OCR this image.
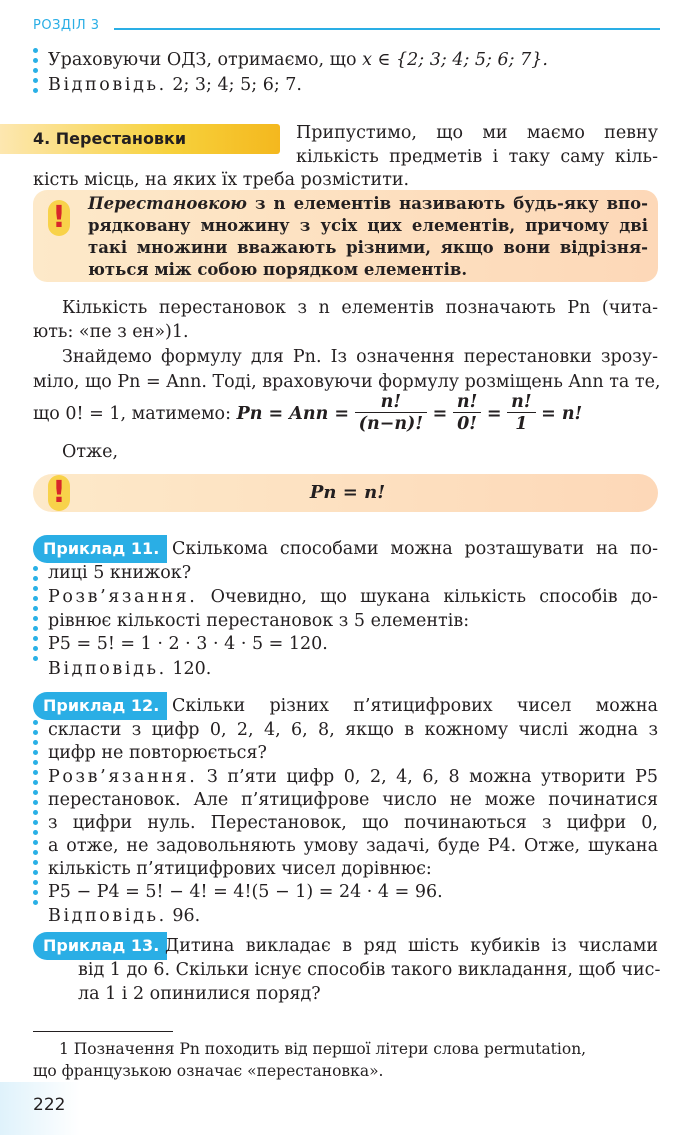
РОЗДІЛ 3
Ураховуючи ОДЗ, отримаємо, що x ∈ {2; 3; 4; 5; 6; 7}.
Відповідь. 2; 3; 4; 5; 6; 7.
4. Перестановки	Припустимо, що ми маємо певну
кількість предметів і таку саму кіль-
кість місць, на яких їх треба розмістити.
! Перестановкою з n елементів називають будь-яку впо-
рядковану множину з усіх цих елементів, причому дві
такі множини вважають різними, якщо вони відрізня-
ються між собою порядком елементів.
Кількість перестановок з n елементів позначають Pn (чита-
ють: «пе з ен»)1.
Знайдемо формулу для Pn. Із означення перестановки зрозу-
міло, що Pn = Ann. Тоді, враховуючи формулу розміщень Ann та те,
що 0! = 1, матимемо:
Pn = Ann =
$\frac{n!}{(n-n)!}$
=
$\frac{n!}{0!}$
=
$\frac{n!}{1}$
= n!
Отже,
!	Pn = n!
Приклад 11. Скількома способами можна розташувати на по-
лиці 5 книжок?
Розв’язання. Очевидно, що шукана кількість способів до-
рівнює кількості перестановок з 5 елементів:
P5 = 5! = 1 · 2 · 3 · 4 · 5 = 120.
Відповідь. 120.
Приклад 12. Скільки різних п’ятицифрових чисел можна
скласти з цифр 0, 2, 4, 6, 8, якщо в кожному числі жодна з
цифр не повторюється?
Розв’язання. З п’яти цифр 0, 2, 4, 6, 8 можна утворити P5
перестановок. Але п’ятицифрове число не може починатися
з цифри нуль. Перестановок, що починаються з цифри 0,
а отже, не задовольняють умову задачі, буде P4. Отже, шукана
кількість п’ятицифрових чисел дорівнює:
P5 − P4 = 5! − 4! = 4!(5 − 1) = 24 · 4 = 96.
Відповідь. 96.
Приклад 13. Дитина викладає в ряд шість кубиків із числами
від 1 до 6. Скільки існує способів такого викладання, щоб чис-
ла 1 і 2 опинилися поряд?
1 Позначення Pn походить від першої літери слова permutation,
що французькою означає «перестановка».
222
